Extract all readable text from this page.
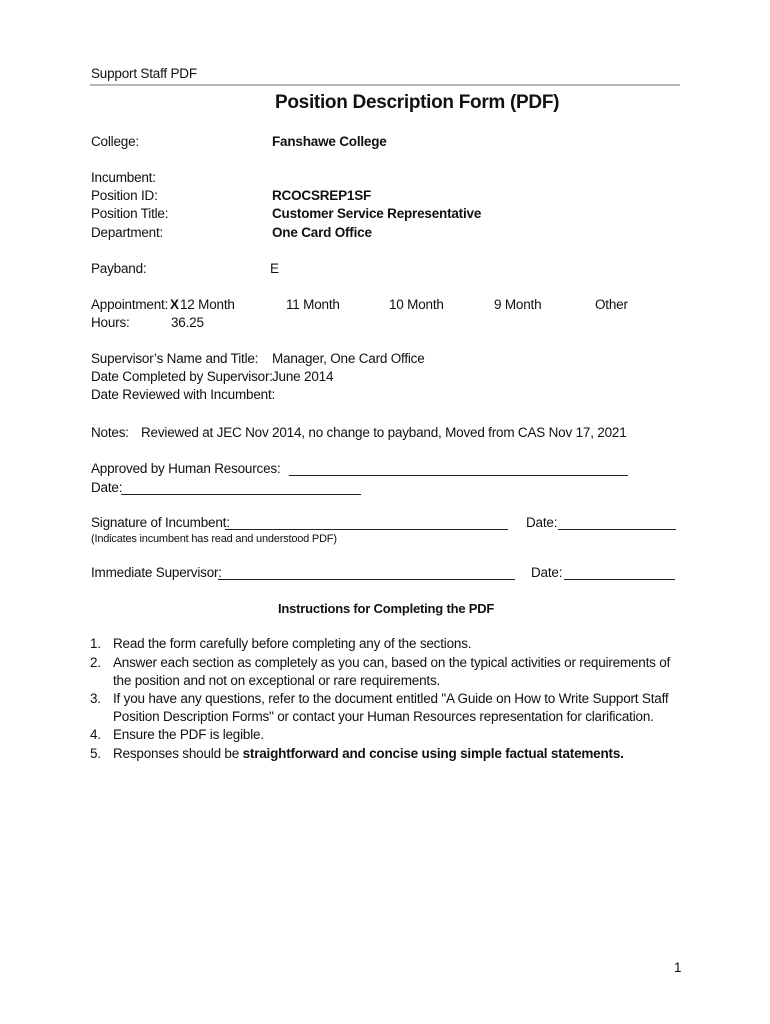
Support Staff PDF
Position Description Form (PDF)
College:	Fanshawe College
Incumbent:
Position ID:	RCOCSREP1SF
Position Title:	Customer Service Representative
Department:	One Card Office
Payband:	E
Appointment: X 12 Month	11 Month	10 Month	9 Month	Other
Hours:	36.25
Supervisor’s Name and Title: Manager, One Card Office
Date Completed by Supervisor: June 2014
Date Reviewed with Incumbent:
Notes: Reviewed at JEC Nov 2014, no change to payband, Moved from CAS Nov 17, 2021
Approved by Human Resources:
Date:
Signature of Incumbent:	Date:
(Indicates incumbent has read and understood PDF)
Immediate Supervisor:	Date:
Instructions for Completing the PDF
1. Read the form carefully before completing any of the sections.
2. Answer each section as completely as you can, based on the typical activities or requirements of the position and not on exceptional or rare requirements.
3. If you have any questions, refer to the document entitled "A Guide on How to Write Support Staff Position Description Forms" or contact your Human Resources representation for clarification.
4. Ensure the PDF is legible.
5. Responses should be straightforward and concise using simple factual statements.
1
